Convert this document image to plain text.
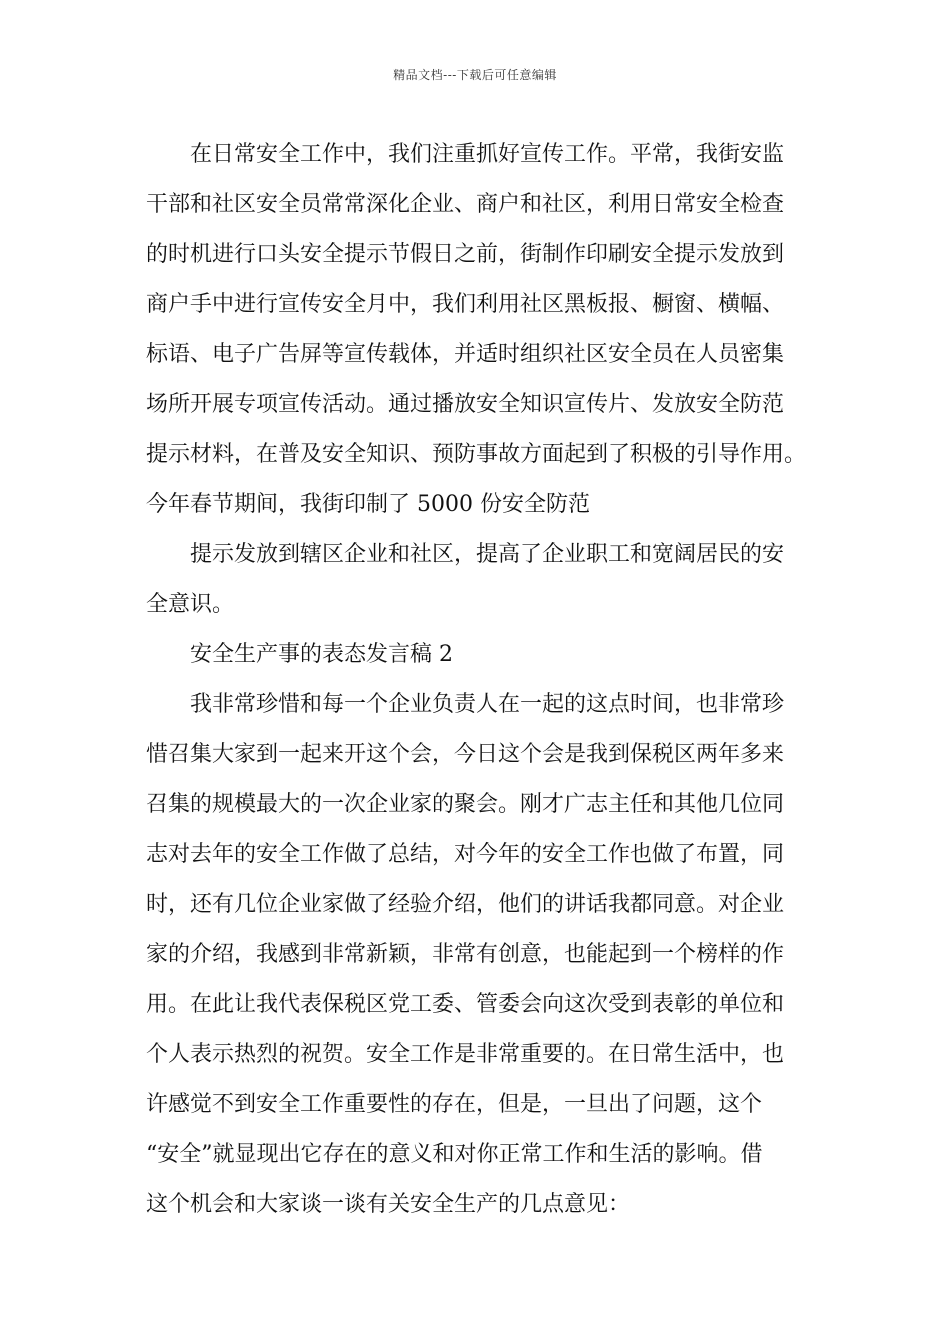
精品文档---下载后可任意编辑
在日常安全工作中，我们注重抓好宣传工作。平常，我街安监
干部和社区安全员常常深化企业、商户和社区，利用日常安全检查
的时机进行口头安全提示节假日之前，街制作印刷安全提示发放到
商户手中进行宣传安全月中，我们利用社区黑板报、橱窗、横幅、
标语、电子广告屏等宣传载体，并适时组织社区安全员在人员密集
场所开展专项宣传活动。通过播放安全知识宣传片、发放安全防范
提示材料，在普及安全知识、预防事故方面起到了积极的引导作用。
今年春节期间，我街印制了 5000 份安全防范
提示发放到辖区企业和社区，提高了企业职工和宽阔居民的安
全意识。
安全生产事的表态发言稿 2
我非常珍惜和每一个企业负责人在一起的这点时间，也非常珍
惜召集大家到一起来开这个会，今日这个会是我到保税区两年多来
召集的规模最大的一次企业家的聚会。刚才广志主任和其他几位同
志对去年的安全工作做了总结，对今年的安全工作也做了布置，同
时，还有几位企业家做了经验介绍，他们的讲话我都同意。对企业
家的介绍，我感到非常新颖，非常有创意，也能起到一个榜样的作
用。在此让我代表保税区党工委、管委会向这次受到表彰的单位和
个人表示热烈的祝贺。安全工作是非常重要的。在日常生活中，也
许感觉不到安全工作重要性的存在，但是，一旦出了问题，这个
“安全”就显现出它存在的意义和对你正常工作和生活的影响。借
这个机会和大家谈一谈有关安全生产的几点意见：
